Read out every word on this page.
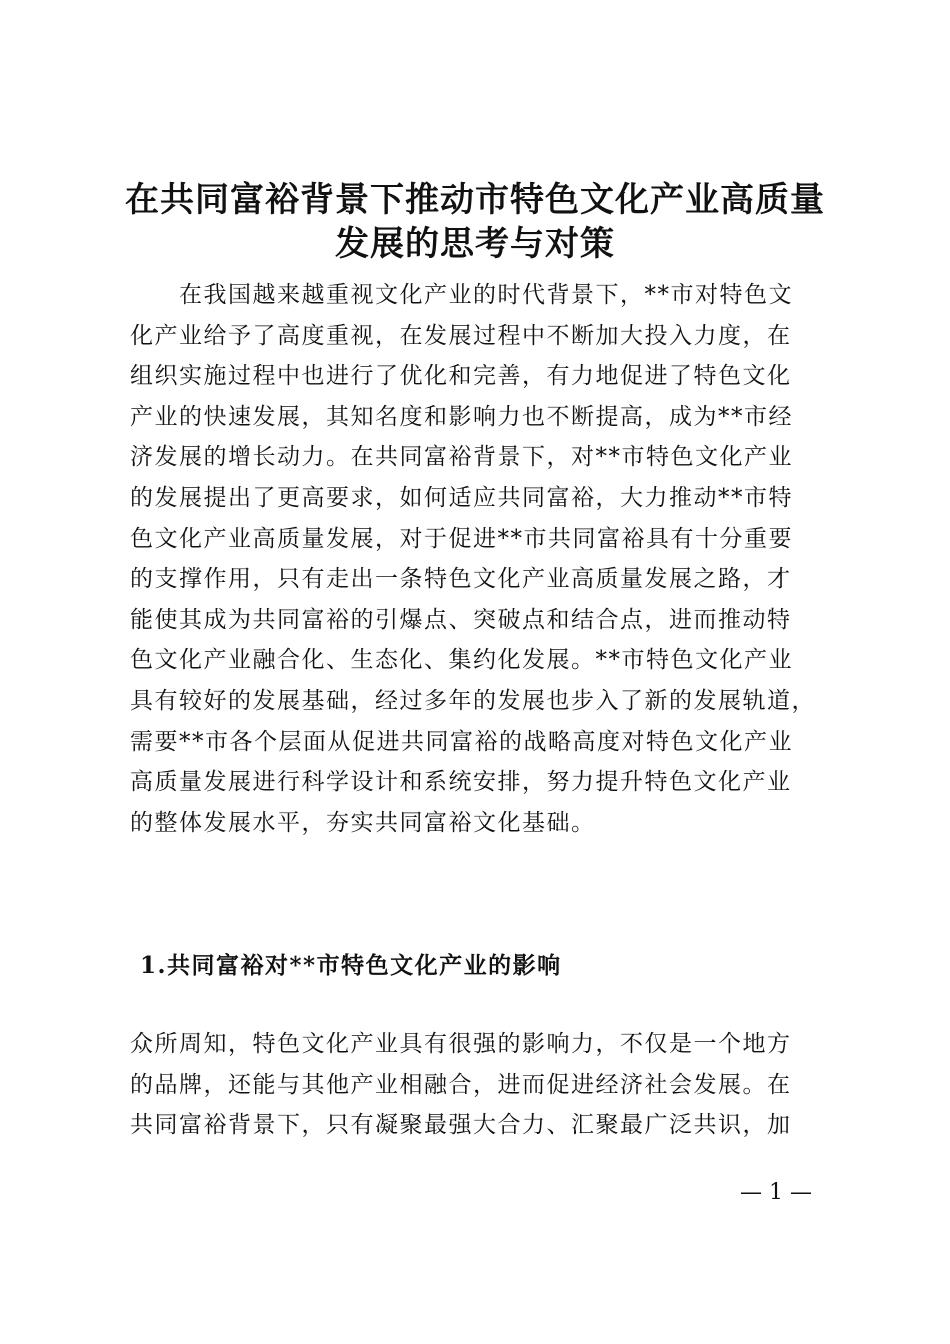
在共同富裕背景下推动市特色文化产业高质量
发展的思考与对策
　　在我国越来越重视文化产业的时代背景下，**市对特色文
化产业给予了高度重视，在发展过程中不断加大投入力度，在
组织实施过程中也进行了优化和完善，有力地促进了特色文化
产业的快速发展，其知名度和影响力也不断提高，成为**市经
济发展的增长动力。在共同富裕背景下，对**市特色文化产业
的发展提出了更高要求，如何适应共同富裕，大力推动**市特
色文化产业高质量发展，对于促进**市共同富裕具有十分重要
的支撑作用，只有走出一条特色文化产业高质量发展之路，才
能使其成为共同富裕的引爆点、突破点和结合点，进而推动特
色文化产业融合化、生态化、集约化发展。**市特色文化产业
具有较好的发展基础，经过多年的发展也步入了新的发展轨道，
需要**市各个层面从促进共同富裕的战略高度对特色文化产业
高质量发展进行科学设计和系统安排，努力提升特色文化产业
的整体发展水平，夯实共同富裕文化基础。
1.共同富裕对**市特色文化产业的影响
众所周知，特色文化产业具有很强的影响力，不仅是一个地方
的品牌，还能与其他产业相融合，进而促进经济社会发展。在
共同富裕背景下，只有凝聚最强大合力、汇聚最广泛共识，加
— 1 —
